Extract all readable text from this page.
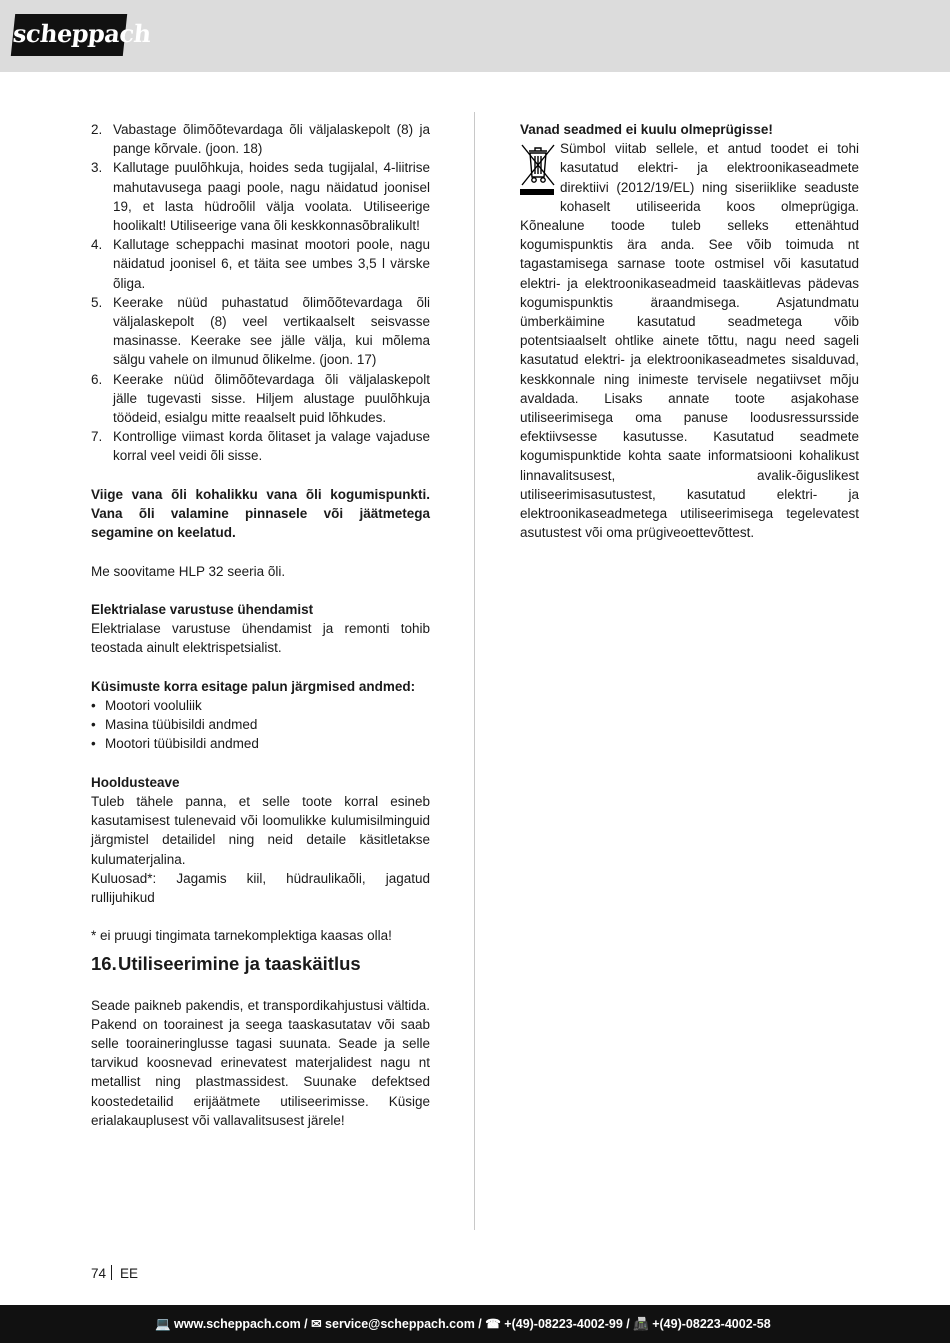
scheppach
2. Vabastage õlimõõtevardaga õli väljalaskepolt (8) ja pange kõrvale. (joon. 18)
3. Kallutage puulõhkuja, hoides seda tugijalal, 4-liitrise mahutavusega paagi poole, nagu näidatud joonisel 19, et lasta hüdroõlil välja voolata. Utiliseerige hoolikalt! Utiliseerige vana õli keskkonnasõbralikult!
4. Kallutage scheppachi masinat mootori poole, nagu näidatud joonisel 6, et täita see umbes 3,5 l värske õliga.
5. Keerake nüüd puhastatud õlimõõtevardaga õli väljalaskepolt (8) veel vertikaalselt seisvasse masinasse. Keerake see jälle välja, kui mõlema sälgu vahele on ilmunud õlikelme. (joon. 17)
6. Keerake nüüd õlimõõtevardaga õli väljalaskepolt jälle tugevasti sisse. Hiljem alustage puulõhkuja töödeid, esialgu mitte reaalselt puid lõhkudes.
7. Kontrollige viimast korda õlitaset ja valage vajaduse korral veel veidi õli sisse.

Viige vana õli kohalikku vana õli kogumispunkti. Vana õli valamine pinnasele või jäätmetega segamine on keelatud.

Me soovitame HLP 32 seeria õli.

Elektrialase varustuse ühendamist

Elektrialase varustuse ühendamist ja remonti tohib teostada ainult elektrispetsialist.

Küsimuste korra esitage palun järgmised andmed:

• Mootori vooluliik
• Masina tüübisildi andmed
• Mootori tüübisildi andmed

Hooldusteave

Tuleb tähele panna, et selle toote korral esineb kasutamisest tulenevaid või loomulikke kulumisilminguid järgmistel detailidel ning neid detaile käsitletakse kulumaterjalina.

Kuluosad*: Jagamis kiil, hüdraulikaõli, jagatud rullijuhikud

* ei pruugi tingimata tarnekomplektiga kaasas olla!

16.Utiliseerimine ja taaskäitlus

Seade paikneb pakendis, et transpordikahjustusi vältida. Pakend on toorainest ja seega taaskasutatav või saab selle tooraineringlusse tagasi suunata. Seade ja selle tarvikud koosnevad erinevatest materjalidest nagu nt metallist ning plastmassidest. Suunake defektsed koostedetailid erijäätmete utiliseerimisse. Küsige erialakauplusest või vallavalitsusest järele!

Vanad seadmed ei kuulu olmeprügisse!

Sümbol viitab sellele, et antud toodet ei tohi kasutatud elektri- ja elektroonikaseadmete direktiivi (2012/19/EL) ning siseriiklike seaduste kohaselt utiliseerida koos olmeprügiga. Kõnealune toode tuleb selleks ettenähtud kogumispunktis ära anda. See võib toimuda nt tagastamisega sarnase toote ostmisel või kasutatud elektri- ja elektroonikaseadmeid taaskäitlevas pädevas kogumispunktis äraandmisega. Asjatundmatu ümberkäimine kasutatud seadmetega võib potentsiaalselt ohtlike ainete tõttu, nagu need sageli kasutatud elektri- ja elektroonikaseadmetes sisalduvad, keskkonnale ning inimeste tervisele negatiivset mõju avaldada. Lisaks annate toote asjakohase utiliseerimisega oma panuse loodusressursside efektiivsesse kasutusse. Kasutatud seadmete kogumispunktide kohta saate informatsiooni kohalikust linnavalitsusest, avalik-õiguslikest utiliseerimisasutustest, kasutatud elektri- ja elektroonikaseadmetega utiliseerimisega tegelevatest asutustest või oma prügiveoettevõttest.

74 EE
💻 www.scheppach.com / ✉ service@scheppach.com / ☎ +(49)-08223-4002-99 / 📠 +(49)-08223-4002-58
